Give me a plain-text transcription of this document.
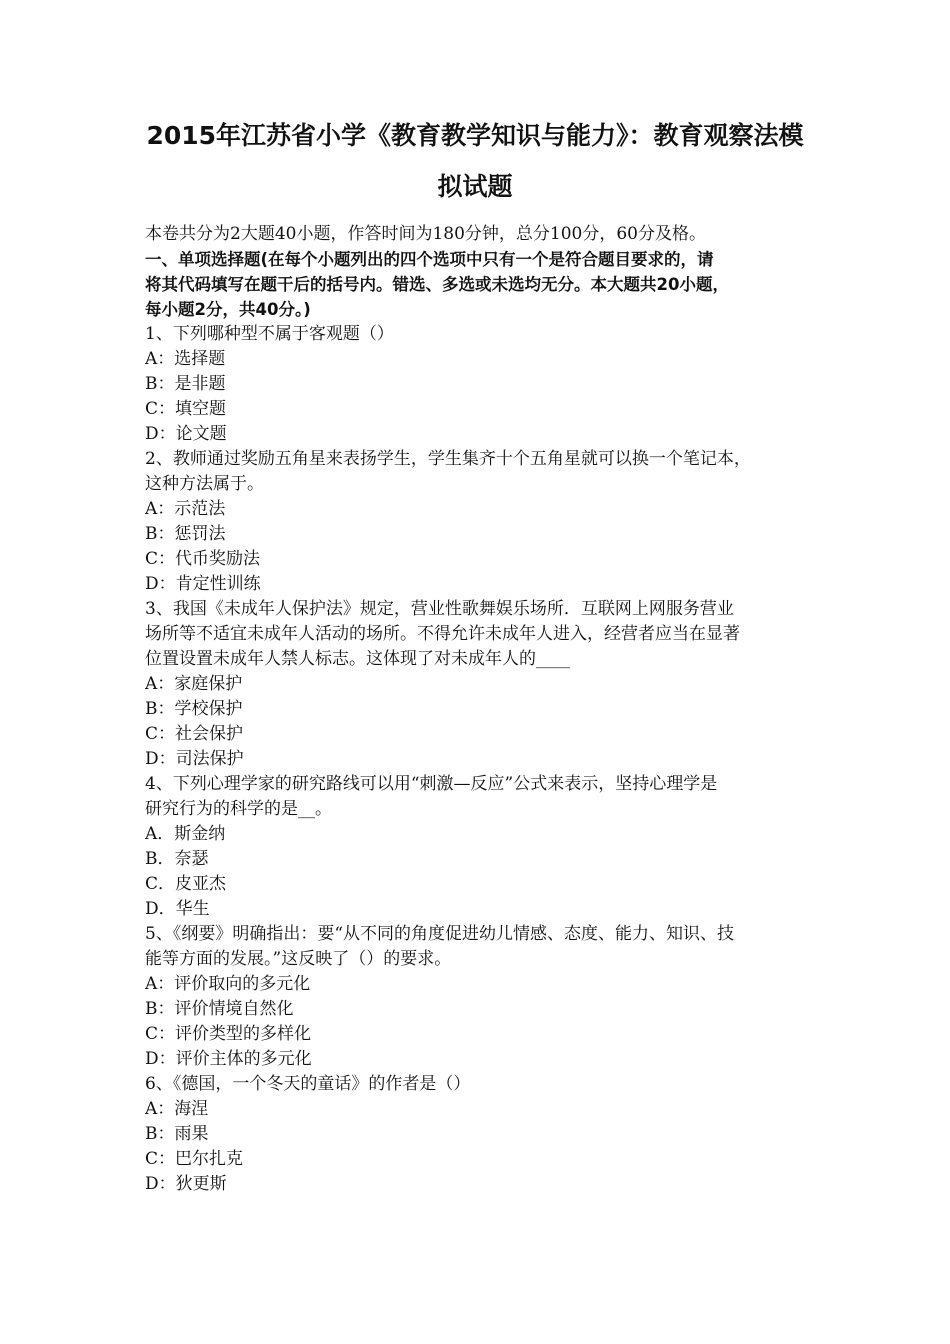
2015年江苏省小学《教育教学知识与能力》：教育观察法模
拟试题
本卷共分为2大题40小题，作答时间为180分钟，总分100分，60分及格。
一、单项选择题(在每个小题列出的四个选项中只有一个是符合题目要求的，请
将其代码填写在题干后的括号内。错选、多选或未选均无分。本大题共20小题，
每小题2分，共40分。)
1、下列哪种型不属于客观题（）
A：选择题
B：是非题
C：填空题
D：论文题
2、教师通过奖励五角星来表扬学生，学生集齐十个五角星就可以换一个笔记本，
这种方法属于。
A：示范法
B：惩罚法
C：代币奖励法
D：肯定性训练
3、我国《未成年人保护法》规定，营业性歌舞娱乐场所．互联网上网服务营业
场所等不适宜未成年人活动的场所。不得允许未成年人进入，经营者应当在显著
位置设置未成年人禁人标志。这体现了对未成年人的____
A：家庭保护
B：学校保护
C：社会保护
D：司法保护
4、下列心理学家的研究路线可以用“刺激—反应”公式来表示，坚持心理学是
研究行为的科学的是__。
A．斯金纳
B．奈瑟
C．皮亚杰
D．华生
5、《纲要》明确指出：要“从不同的角度促进幼儿情感、态度、能力、知识、技
能等方面的发展。”这反映了（）的要求。
A：评价取向的多元化
B：评价情境自然化
C：评价类型的多样化
D：评价主体的多元化
6、《德国，一个冬天的童话》的作者是（）
A：海涅
B：雨果
C：巴尔扎克
D：狄更斯
